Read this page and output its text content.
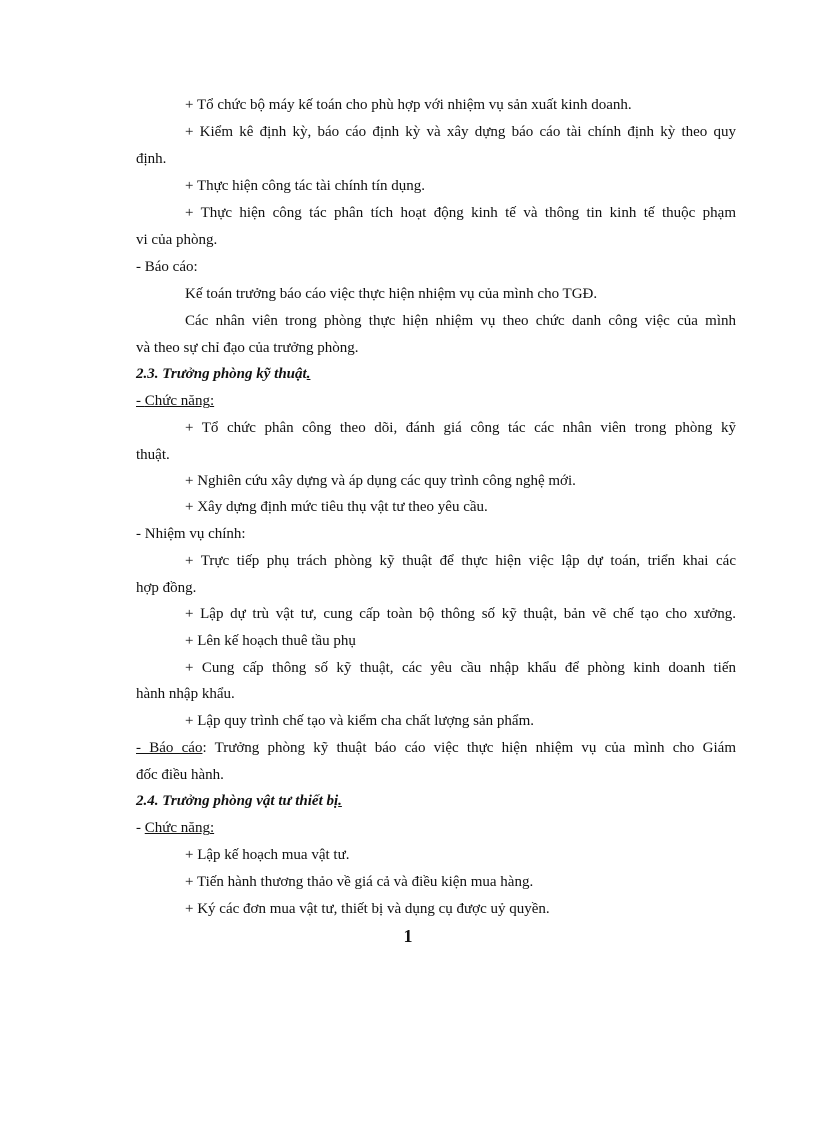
+ Tổ chức bộ máy kế toán cho phù hợp với nhiệm vụ sản xuất kinh doanh.
+ Kiểm kê định kỳ, báo cáo định kỳ và xây dựng báo cáo tài chính định kỳ theo quy
định.
+ Thực hiện công tác tài chính tín dụng.
+ Thực hiện công tác phân tích hoạt động kinh tế và thông tin kinh tế thuộc phạm
vi của phòng.
- Báo cáo:
Kế toán trưởng báo cáo việc thực hiện nhiệm vụ của mình cho TGĐ.
Các nhân viên trong phòng thực hiện nhiệm vụ theo chức danh công việc của mình
và theo sự chỉ đạo của trưởng phòng.
2.3. Trưởng phòng kỹ thuật.
- Chức năng:
+ Tổ chức phân công theo dõi, đánh giá công tác các nhân viên trong phòng kỹ
thuật.
+ Nghiên cứu xây dựng và áp dụng các quy trình công nghệ mới.
+ Xây dựng định mức tiêu thụ vật tư theo yêu cầu.
- Nhiệm vụ chính:
+ Trực tiếp phụ trách phòng kỹ thuật để thực hiện việc lập dự toán, triển khai các
hợp đồng.
+ Lập dự trù vật tư, cung cấp toàn bộ thông số kỹ thuật, bản vẽ chế tạo cho xưởng.
+ Lên kế hoạch thuê tầu phụ
+ Cung cấp thông số kỹ thuật, các yêu cầu nhập khẩu để phòng kinh doanh tiến
hành nhập khẩu.
+ Lập quy trình chế tạo và kiểm cha chất lượng sản phẩm.
- Báo cáo: Trưởng phòng kỹ thuật báo cáo việc thực hiện nhiệm vụ của mình cho Giám
đốc điều hành.
2.4. Trưởng phòng vật tư thiết bị.
- Chức năng:
+ Lập kế hoạch mua vật tư.
+ Tiến hành thương thảo về giá cả và điều kiện mua hàng.
+ Ký các đơn mua vật tư, thiết bị và dụng cụ được uỷ quyền.
1
